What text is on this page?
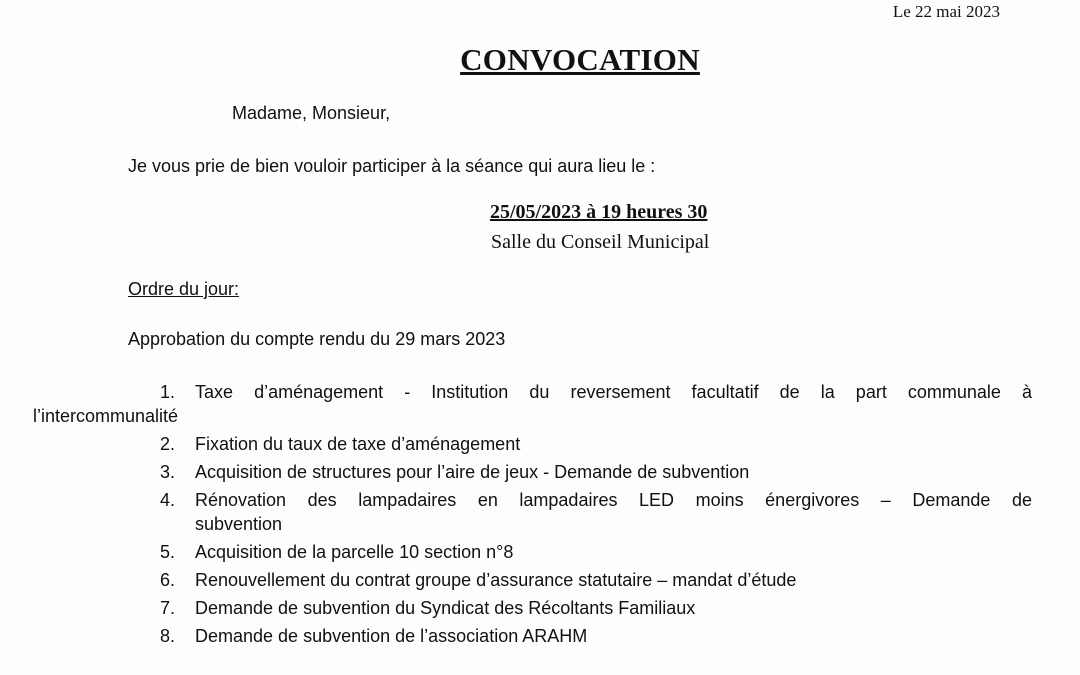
Le 22 mai 2023
CONVOCATION
Madame, Monsieur,
Je vous prie de bien vouloir participer à la séance qui aura lieu le :
25/05/2023 à 19 heures 30
Salle du Conseil Municipal
Ordre du jour:
Approbation du compte rendu du 29 mars 2023
1. Taxe d’aménagement - Institution du reversement facultatif de la part communale à
l’intercommunalité
2. Fixation du taux de taxe d’aménagement
3. Acquisition de structures pour l’aire de jeux - Demande de subvention
4. Rénovation des lampadaires en lampadaires LED moins énergivores – Demande de
subvention
5. Acquisition de la parcelle 10 section n°8
6. Renouvellement du contrat groupe d’assurance statutaire – mandat d’étude
7. Demande de subvention du Syndicat des Récoltants Familiaux
8. Demande de subvention de l’association ARAHM
